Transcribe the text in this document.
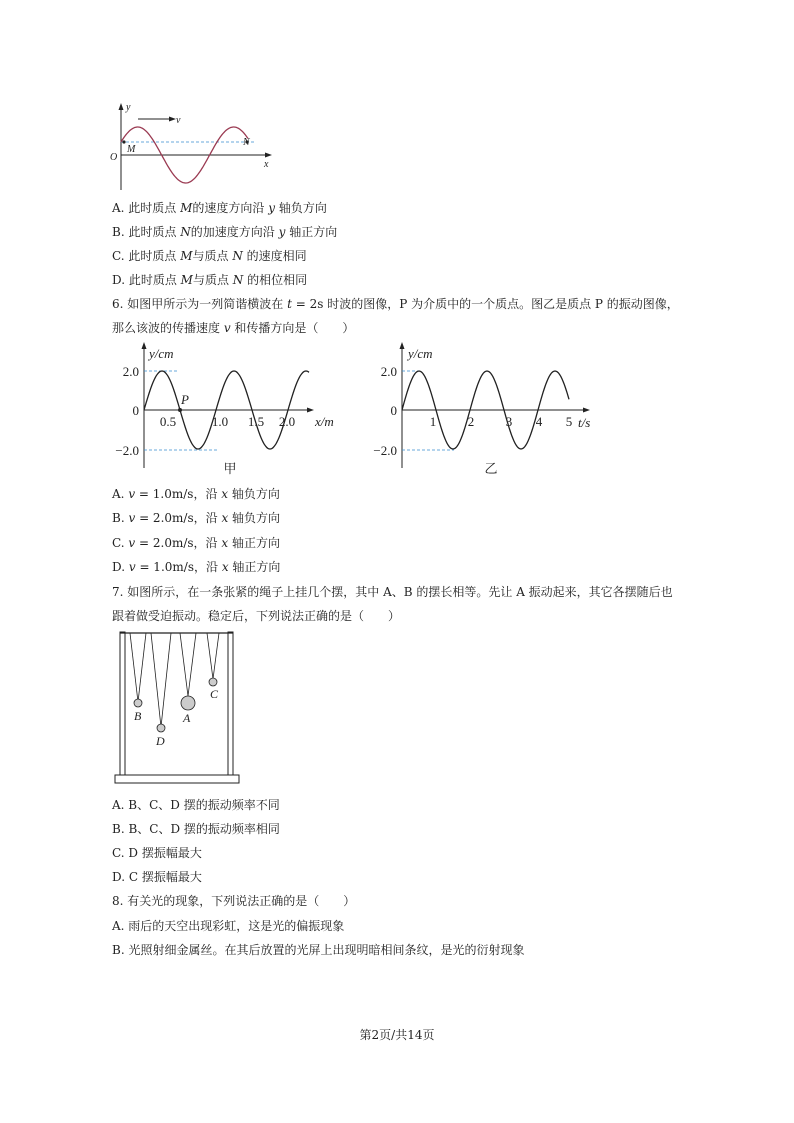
y
x
O
v
M
N
A. 此时质点 M的速度方向沿 y 轴负方向
B. 此时质点 N的加速度方向沿 y 轴正方向
C. 此时质点 M与质点 N 的速度相同
D. 此时质点 M与质点 N 的相位相同
6. 如图甲所示为一列简谐横波在 t = 2s 时波的图像，P 为介质中的一个质点。图乙是质点 P 的振动图像，
那么该波的传播速度 v 和传播方向是（　　）
y/cm
x/m
2.0
0
−2.0
0.5	1.0 1.5 2.0
P
甲
y/cm
t/s
2.0
0
−2.0
1 2 3 4 5
乙
A. v = 1.0m/s，沿 x 轴负方向
B. v = 2.0m/s，沿 x 轴负方向
C. v = 2.0m/s，沿 x 轴正方向
D. v = 1.0m/s，沿 x 轴正方向
7. 如图所示，在一条张紧的绳子上挂几个摆，其中 A、B 的摆长相等。先让 A 振动起来，其它各摆随后也
跟着做受迫振动。稳定后，下列说法正确的是（　　）
B
D
A
C
A. B、C、D 摆的振动频率不同
B. B、C、D 摆的振动频率相同
C. D 摆振幅最大
D. C 摆振幅最大
8. 有关光的现象，下列说法正确的是（　　）
A. 雨后的天空出现彩虹，这是光的偏振现象
B. 光照射细金属丝。在其后放置的光屏上出现明暗相间条纹，是光的衍射现象
第2页/共14页
